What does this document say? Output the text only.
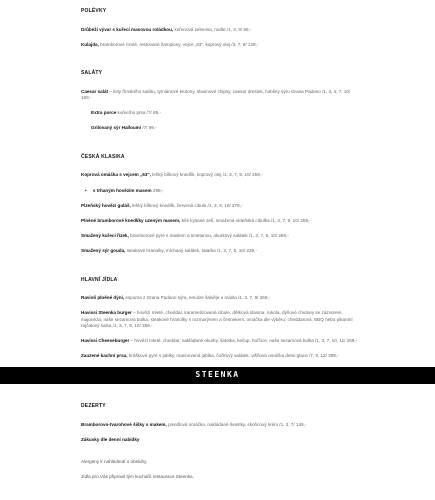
POLÉVKY
Drůbeží vývar s kuřecí masovou roládkou, kořenová zelenina, nudle /1, 3, 9/ 99,-
Kulajda, bramborové rizolé, restované žampiony, vejce „63“, koprový olej /3, 7, 9/ 129,-
SALÁTY
Caesar salát – listy římského salátu, tymiánové krutony, slaninové chipsy, caesar dresink, hobliny sýru Grana Padano /1, 3, 4, 7, 10/ 189,-
Extra porce kuřecího prsa /7/ 89,-
Grilovaný sýr Halloumi /7/ 99,-
ČESKÁ KLASIKA
Koprová omáčka s vejcem „63“, lehký bílkový knedlík, koprový olej /1, 3, 7, 9, 10/ 259,-
• s trhaným hovězím masem 299,-
Plzeňský hovězí guláš, lehký bílkový knedlík, červená cibule /1, 3, 9, 10/ 279,-
Plněné bramborové knedlíky uzeným masem, bílé kysané zelí, smažená vídeňská cibulka /1, 3, 7, 9, 10/ 259,-
Smažený kuřecí řízek, bramborové pyré s máslem a smetanou, okurkový salátek /1, 3, 7, 9, 10/ 289,-
Smažený sýr gouda, steakové hranolky, míchaný salátek, tatarka /1, 3, 7, 9, 10/ 239,-
HLAVNÍ JÍDLA
Ravioli plněné dýní, espuma z Grana Padano sýra, emulze šalvěje a másla /1, 3, 7, 9/ 259,-
Havissi Steenka burger – hovězí mleté, cheddar, karamelizovaná cibule, dětková slanina, rukola, dýňové chutney se zázvorem, majonéza, naše sezamová bulka, steakové hranolky s rozmarýnem a česnekem, omáčka dle výběru: cheddarová, BBQ nebo pikantní rajčatový salsa /1, 3, 7, 9, 10/ 359,-
Havissi Cheeseburger – hovězí mleté, cheddar, nakládané okurky, šalotka, kečup, hořčice, naše sezamová bulka /1, 3, 7, 10, 11/ 269,-
Zauzené kachní prsa, hráškové pyré s jablky, marinovaná jablka, čočkový salátek, višňová omáčka demi glace /7, 9, 12/ 399,-
STEENKA
DEZERTY
Bramborovo-tvarohové šišky s makem, povidlová omáčka, nakládané švestky, skořicový krém /1, 3, 7/ 149,-
Zákusky dle denní nabídky
Alergeny k nahlédnutí u obsluhy.
Jídla pro Vás připravil tým kuchařů restaurace Steenka.
